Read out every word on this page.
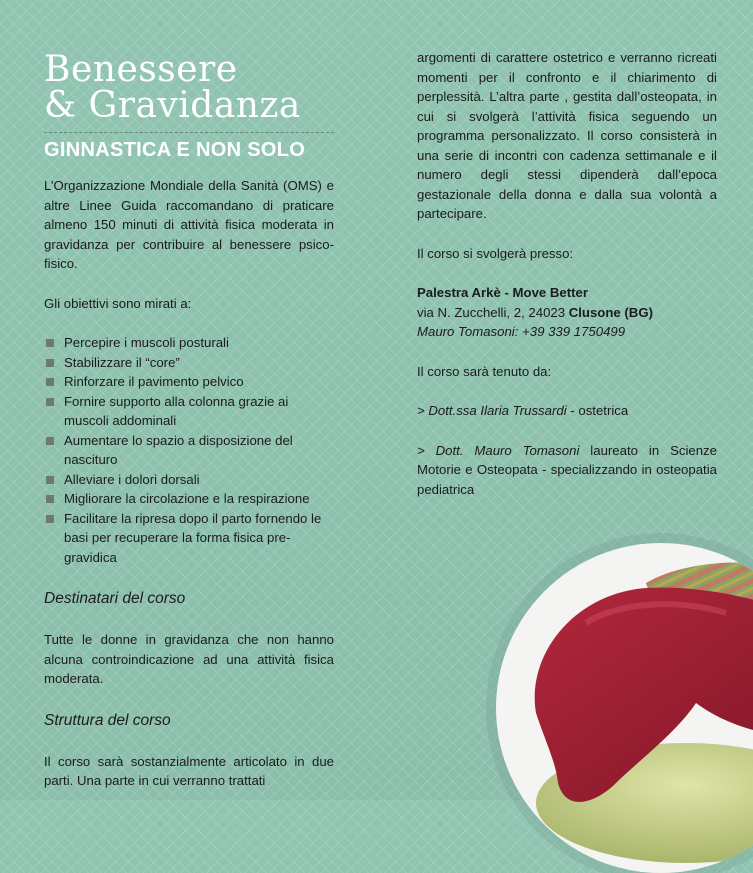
Benessere
& Gravidanza
GINNASTICA E NON SOLO

L’Organizzazione Mondiale della Sanità (OMS) e altre Linee Guida raccomandano di praticare almeno 150 minuti di attività fisica moderata in gravidanza per contribuire al benessere psico-fisico.

Gli obiettivi sono mirati a:

Percepire i muscoli posturali
Stabilizzare il “core”
Rinforzare il pavimento pelvico
Fornire supporto alla colonna grazie ai muscoli addominali
Aumentare lo spazio a disposizione del nascituro
Alleviare i dolori dorsali
Migliorare la circolazione e la respirazione
Facilitare la ripresa dopo il parto fornendo le basi per recuperare la forma fisica pre-gravidica

Destinatari del corso

Tutte le donne in gravidanza che non hanno alcuna controindicazione ad una attività fisica moderata.

Struttura del corso

Il corso sarà sostanzialmente articolato in due parti. Una parte in cui verranno trattati

argomenti di carattere ostetrico e verranno ricreati momenti per il confronto e il chiarimento di perplessità. L’altra parte , gestita dall’osteopata, in cui si svolgerà l’attività fisica seguendo un programma personalizzato. Il corso consisterà in una serie di incontri con cadenza settimanale e il numero degli stessi dipenderà dall’epoca gestazionale della donna e dalla sua volontà a partecipare.

Il corso si svolgerà presso:

Palestra Arkè - Move Better

via N. Zucchelli, 2, 24023 Clusone (BG)

Mauro Tomasoni: +39 339 1750499

Il corso sarà tenuto da:

> Dott.ssa Ilaria Trussardi - ostetrica

> Dott. Mauro Tomasoni laureato in Scienze Motorie e Osteopata - specializzando in osteopatia pediatrica
